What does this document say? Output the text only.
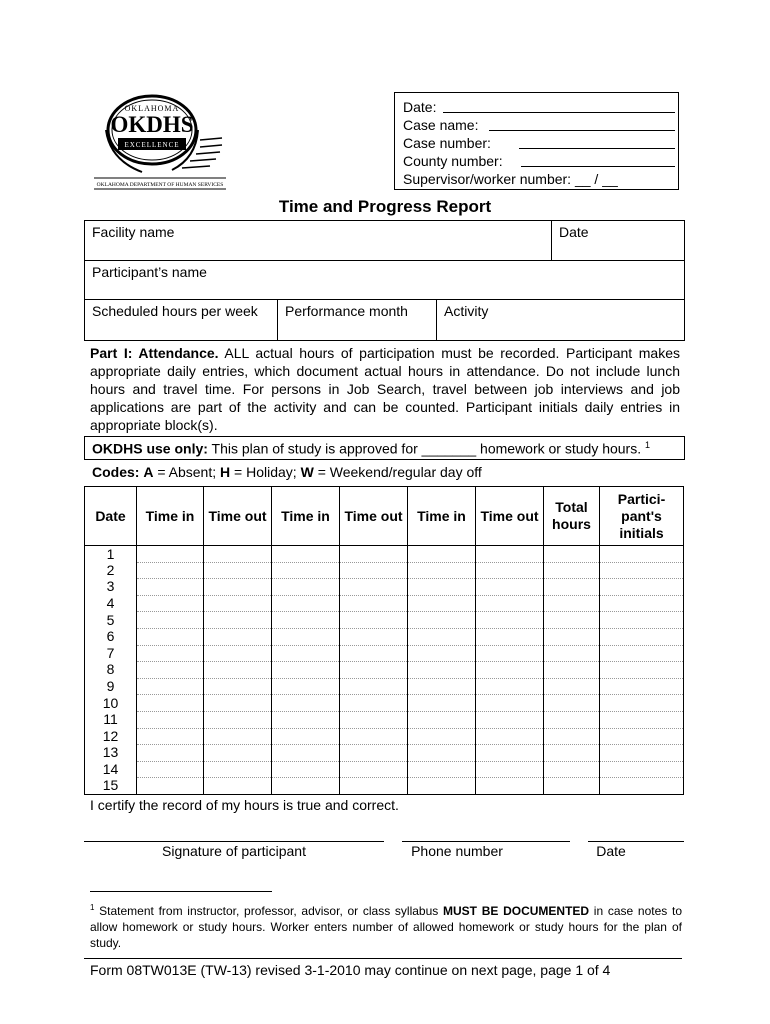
OKLAHOMA
OKDHS
EXCELLENCE
OKLAHOMA DEPARTMENT OF HUMAN SERVICES
Date:
Case name:
Case number:
County number:
Supervisor/worker number: __ / __
Time and Progress Report
Facility name	Date
Participant’s name
Scheduled hours per week	Performance month	Activity
Part I: Attendance. ALL actual hours of participation must be recorded. Participant makes appropriate daily entries, which document actual hours in attendance. Do not include lunch hours and travel time. For persons in Job Search, travel between job interviews and job applications are part of the activity and can be counted. Participant initials daily entries in appropriate block(s).
OKDHS use only: This plan of study is approved for _______ homework or study hours. $^1$
Codes: A = Absent; H = Holiday; W = Weekend/regular day off
Date	Time in	Time out	Time in	Time out	Time in	Time out	Total hours	Partici-pant's initials
1								
2								
3								
4								
5								
6								
7								
8								
9								
10								
11								
12								
13								
14								
15								
I certify the record of my hours is true and correct.
Signature of participant	Phone number	Date
$^1$ Statement from instructor, professor, advisor, or class syllabus MUST BE DOCUMENTED in case notes to allow homework or study hours. Worker enters number of allowed homework or study hours for the plan of study.
Form 08TW013E (TW-13) revised 3-1-2010 may continue on next page, page 1 of 4
